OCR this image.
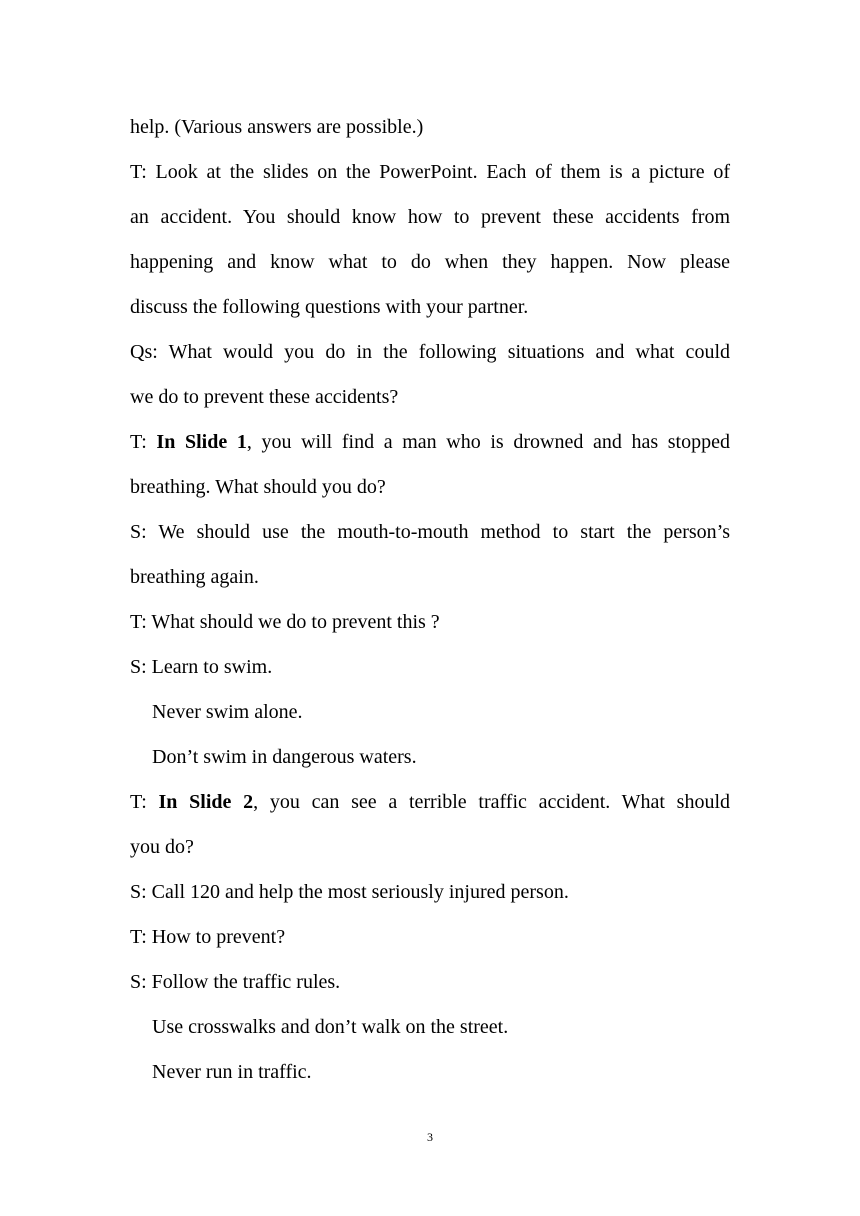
help. (Various answers are possible.)
T: Look at the slides on the PowerPoint. Each of them is a picture of
an accident. You should know how to prevent these accidents from
happening and know what to do when they happen. Now please
discuss the following questions with your partner.
Qs: What would you do in the following situations and what could
we do to prevent these accidents?
T: In Slide 1, you will find a man who is drowned and has stopped
breathing. What should you do?
S: We should use the mouth-to-mouth method to start the person’s
breathing again.
T: What should we do to prevent this ?
S: Learn to swim.
Never swim alone.
Don’t swim in dangerous waters.
T: In Slide 2, you can see a terrible traffic accident. What should
you do?
S: Call 120 and help the most seriously injured person.
T: How to prevent?
S: Follow the traffic rules.
Use crosswalks and don’t walk on the street.
Never run in traffic.
3
